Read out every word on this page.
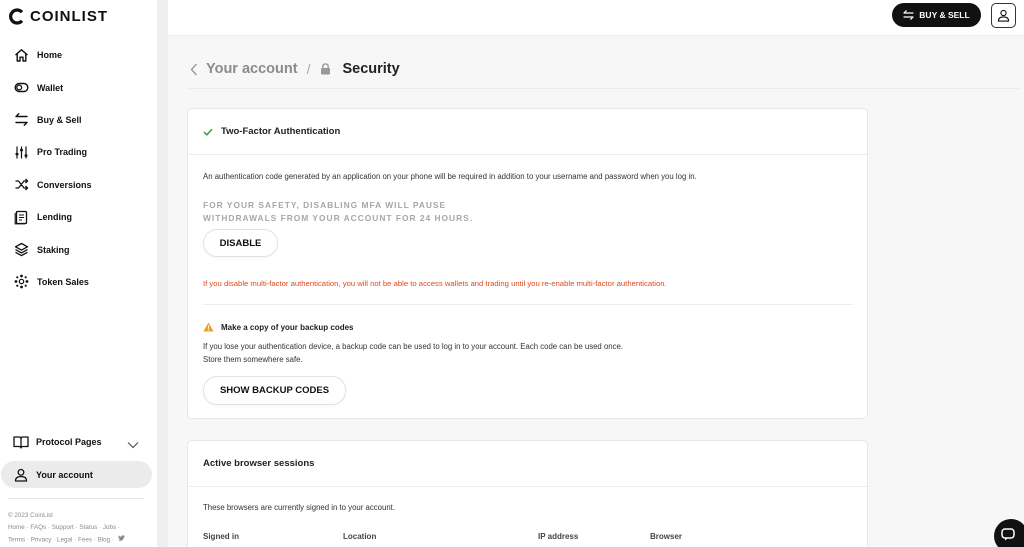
COINLIST
Home
Wallet
Buy & Sell
Pro Trading
Conversions
Lending
Staking
Token Sales
Protocol Pages
Your account
© 2023 CoinList
Home · FAQs · Support · Status · Jobs ·
Terms · Privacy · Legal · Fees · Blog ·
BUY & SELL
Your account / Security
Two-Factor Authentication
An authentication code generated by an application on your phone will be required in addition to your username and password when you log in.
FOR YOUR SAFETY, DISABLING MFA WILL PAUSE
WITHDRAWALS FROM YOUR ACCOUNT FOR 24 HOURS.
DISABLE
If you disable multi-factor authentication, you will not be able to access wallets and trading until you re-enable multi-factor authentication.
Make a copy of your backup codes
If you lose your authentication device, a backup code can be used to log in to your account. Each code can be used once.
Store them somewhere safe.
SHOW BACKUP CODES
Active browser sessions
These browsers are currently signed in to your account.
Signed in	Location	IP address	Browser
